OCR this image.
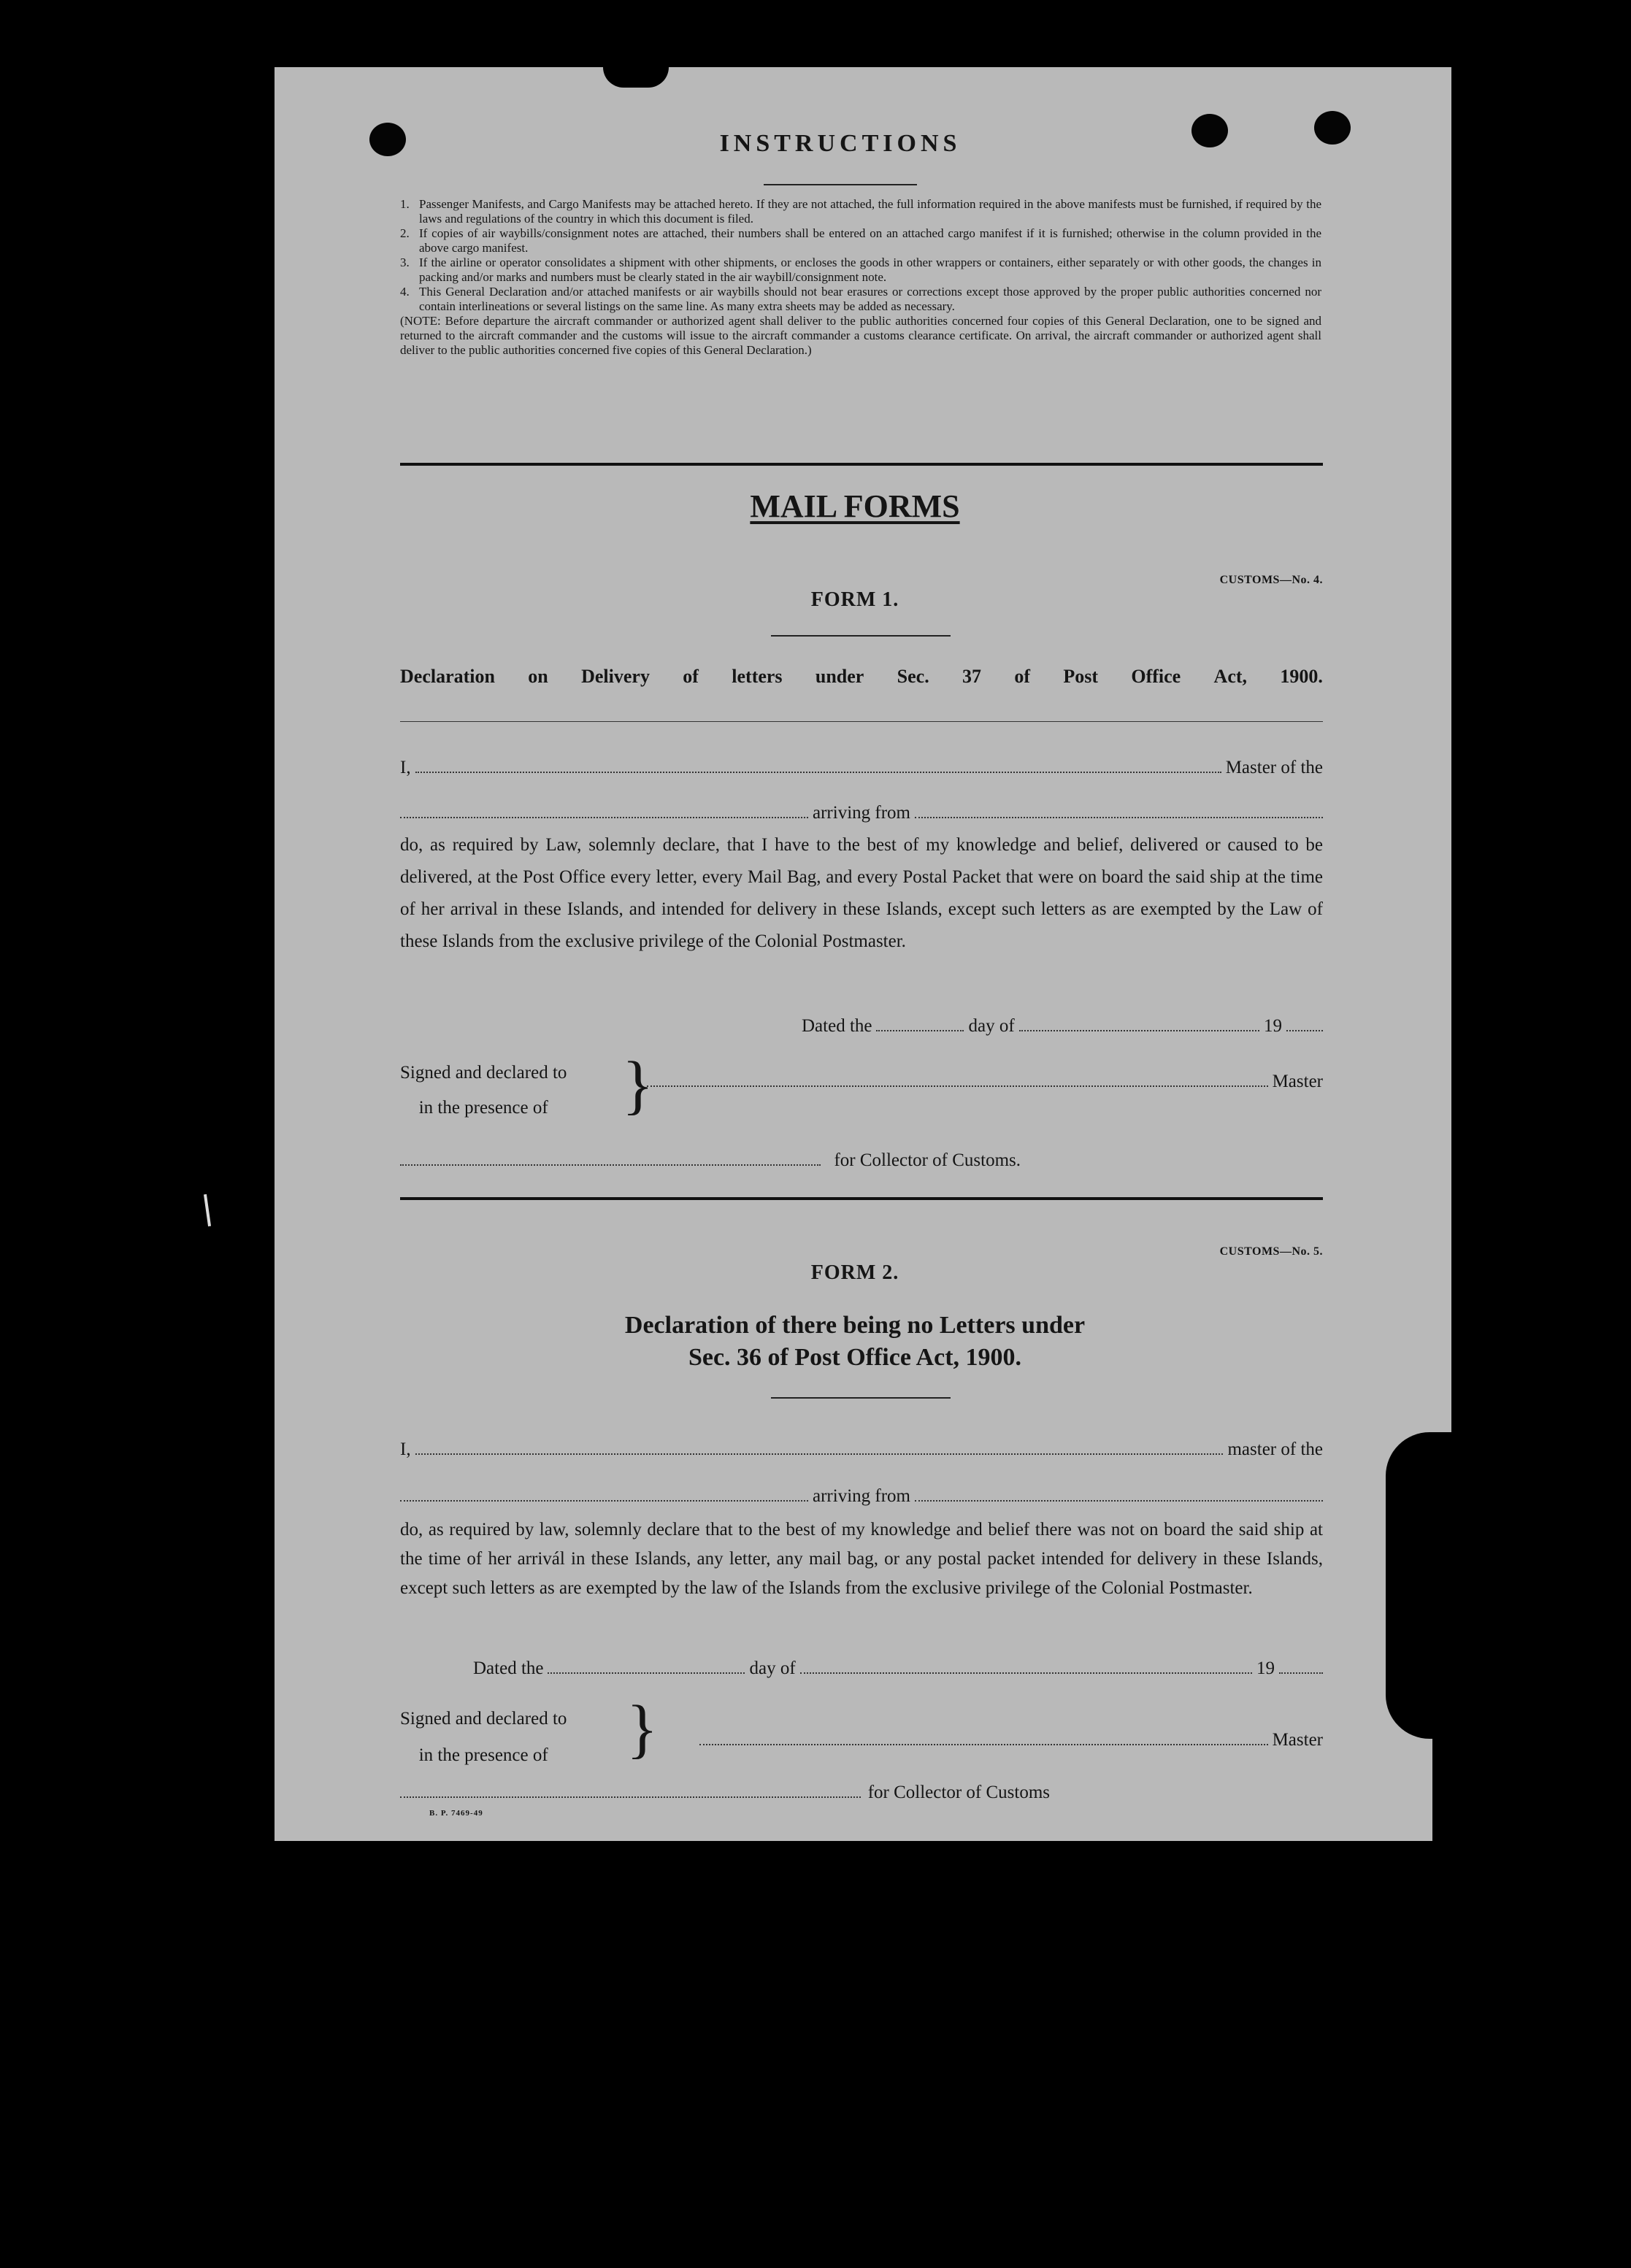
INSTRUCTIONS
1. Passenger Manifests, and Cargo Manifests may be attached hereto. If they are not attached, the full information required in the above manifests must be furnished, if required by the laws and regulations of the country in which this document is filed.
2. If copies of air waybills/consignment notes are attached, their numbers shall be entered on an attached cargo manifest if it is furnished; otherwise in the column provided in the above cargo manifest.
3. If the airline or operator consolidates a shipment with other shipments, or encloses the goods in other wrappers or containers, either separately or with other goods, the changes in packing and/or marks and numbers must be clearly stated in the air waybill/consignment note.
4. This General Declaration and/or attached manifests or air waybills should not bear erasures or corrections except those approved by the proper public authorities concerned nor contain interlineations or several listings on the same line. As many extra sheets may be added as necessary.
(NOTE: Before departure the aircraft commander or authorized agent shall deliver to the public authorities concerned four copies of this General Declaration, one to be signed and returned to the aircraft commander and the customs will issue to the aircraft commander a customs clearance certificate. On arrival, the aircraft commander or authorized agent shall deliver to the public authorities concerned five copies of this General Declaration.)
MAIL FORMS
CUSTOMS—No. 4.
FORM 1.
Declaration on Delivery of letters under Sec. 37 of Post Office Act, 1900.
I,	Master of the
arriving from
do, as required by Law, solemnly declare, that I have to the best of my knowledge and belief, delivered or caused to be delivered, at the Post Office every letter, every Mail Bag, and every Postal Packet that were on board the said ship at the time of her arrival in these Islands, and intended for delivery in these Islands, except such letters as are exempted by the Law of these Islands from the exclusive privilege of the Colonial Postmaster.
Dated the	day of	19
Signed and declared to
in the presence of }	Master
for Collector of Customs.
CUSTOMS—No. 5.
FORM 2.
Declaration of there being no Letters under
Sec. 36 of Post Office Act, 1900.
I,	master of the
arriving from
do, as required by law, solemnly declare that to the best of my knowledge and belief there was not on board the said ship at the time of her arrivál in these Islands, any letter, any mail bag, or any postal packet intended for delivery in these Islands, except such letters as are exempted by the law of the Islands from the exclusive privilege of the Colonial Postmaster.
Dated the	day of	19
Signed and declared to
in the presence of }	Master
for Collector of Customs
B. P. 7469-49
